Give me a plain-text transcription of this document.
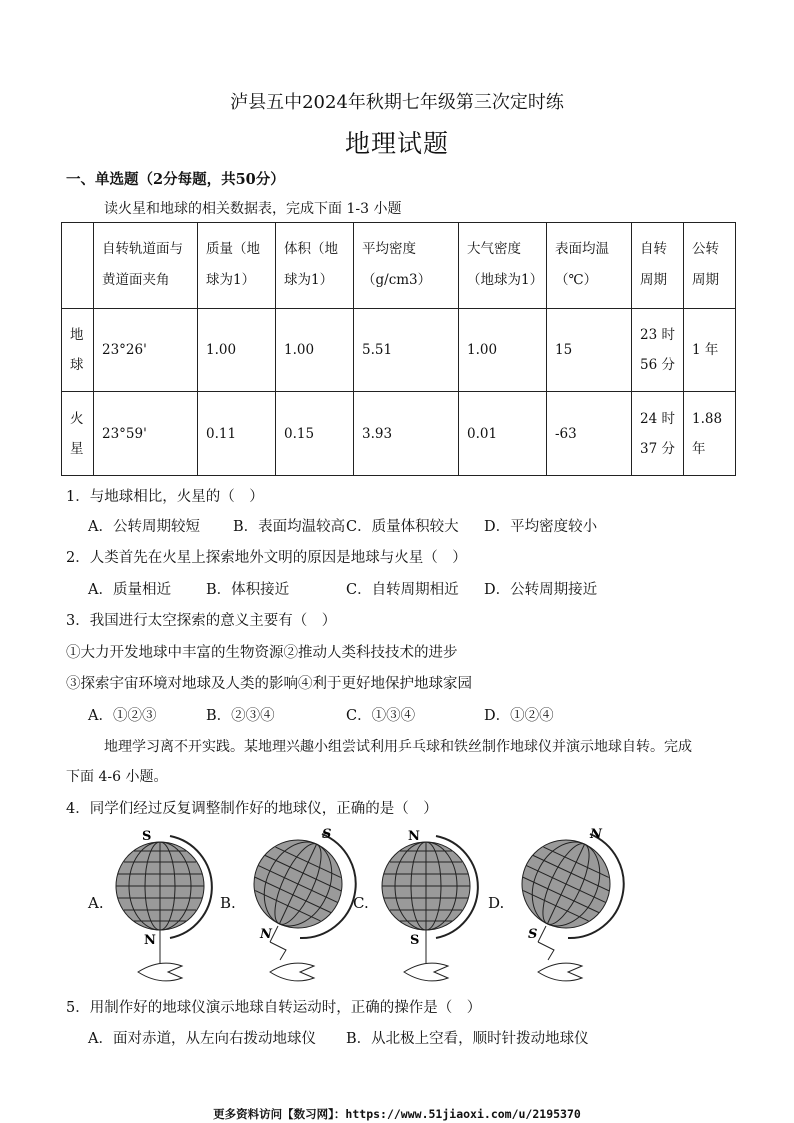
泸县五中2024年秋期七年级第三次定时练
地理试题
一、单选题（2分每题，共50分）
读火星和地球的相关数据表，完成下面 1-3 小题
	自转轨道面与黄道面夹角	质量（地球为1）	体积（地球为1）	平均密度（g/cm3）	大气密度（地球为1）	表面均温（℃）	自转周期	公转周期
地球	23°26'	1.00	1.00	5.51	1.00	15	23 时 56 分	1 年
火星	23°59'	0.11	0.15	3.93	0.01	-63	24 时 37 分	1.88 年
1．与地球相比，火星的（　）
A．公转周期较短 B．表面均温较高 C．质量体积较大 D．平均密度较小
2．人类首先在火星上探索地外文明的原因是地球与火星（　）
A．质量相近 B．体积接近	C．自转周期相近 D．公转周期接近
3．我国进行太空探索的意义主要有（　）
①大力开发地球中丰富的生物资源②推动人类科技技术的进步
③探索宇宙环境对地球及人类的影响④利于更好地保护地球家园
A．①②③	B．②③④	C．①③④	D．①②④
地理学习离不开实践。某地理兴趣小组尝试利用乒乓球和铁丝制作地球仪并演示地球自转。完成
下面 4-6 小题。
4．同学们经过反复调整制作好的地球仪，正确的是（　）
A.
S
N
B.
S
N
C.
N
S
D.
N
S
5．用制作好的地球仪演示地球自转运动时，正确的操作是（　）
A．面对赤道，从左向右拨动地球仪 B．从北极上空看，顺时针拨动地球仪
更多资料访问【数习网】：https://www.51jiaoxi.com/u/2195370
